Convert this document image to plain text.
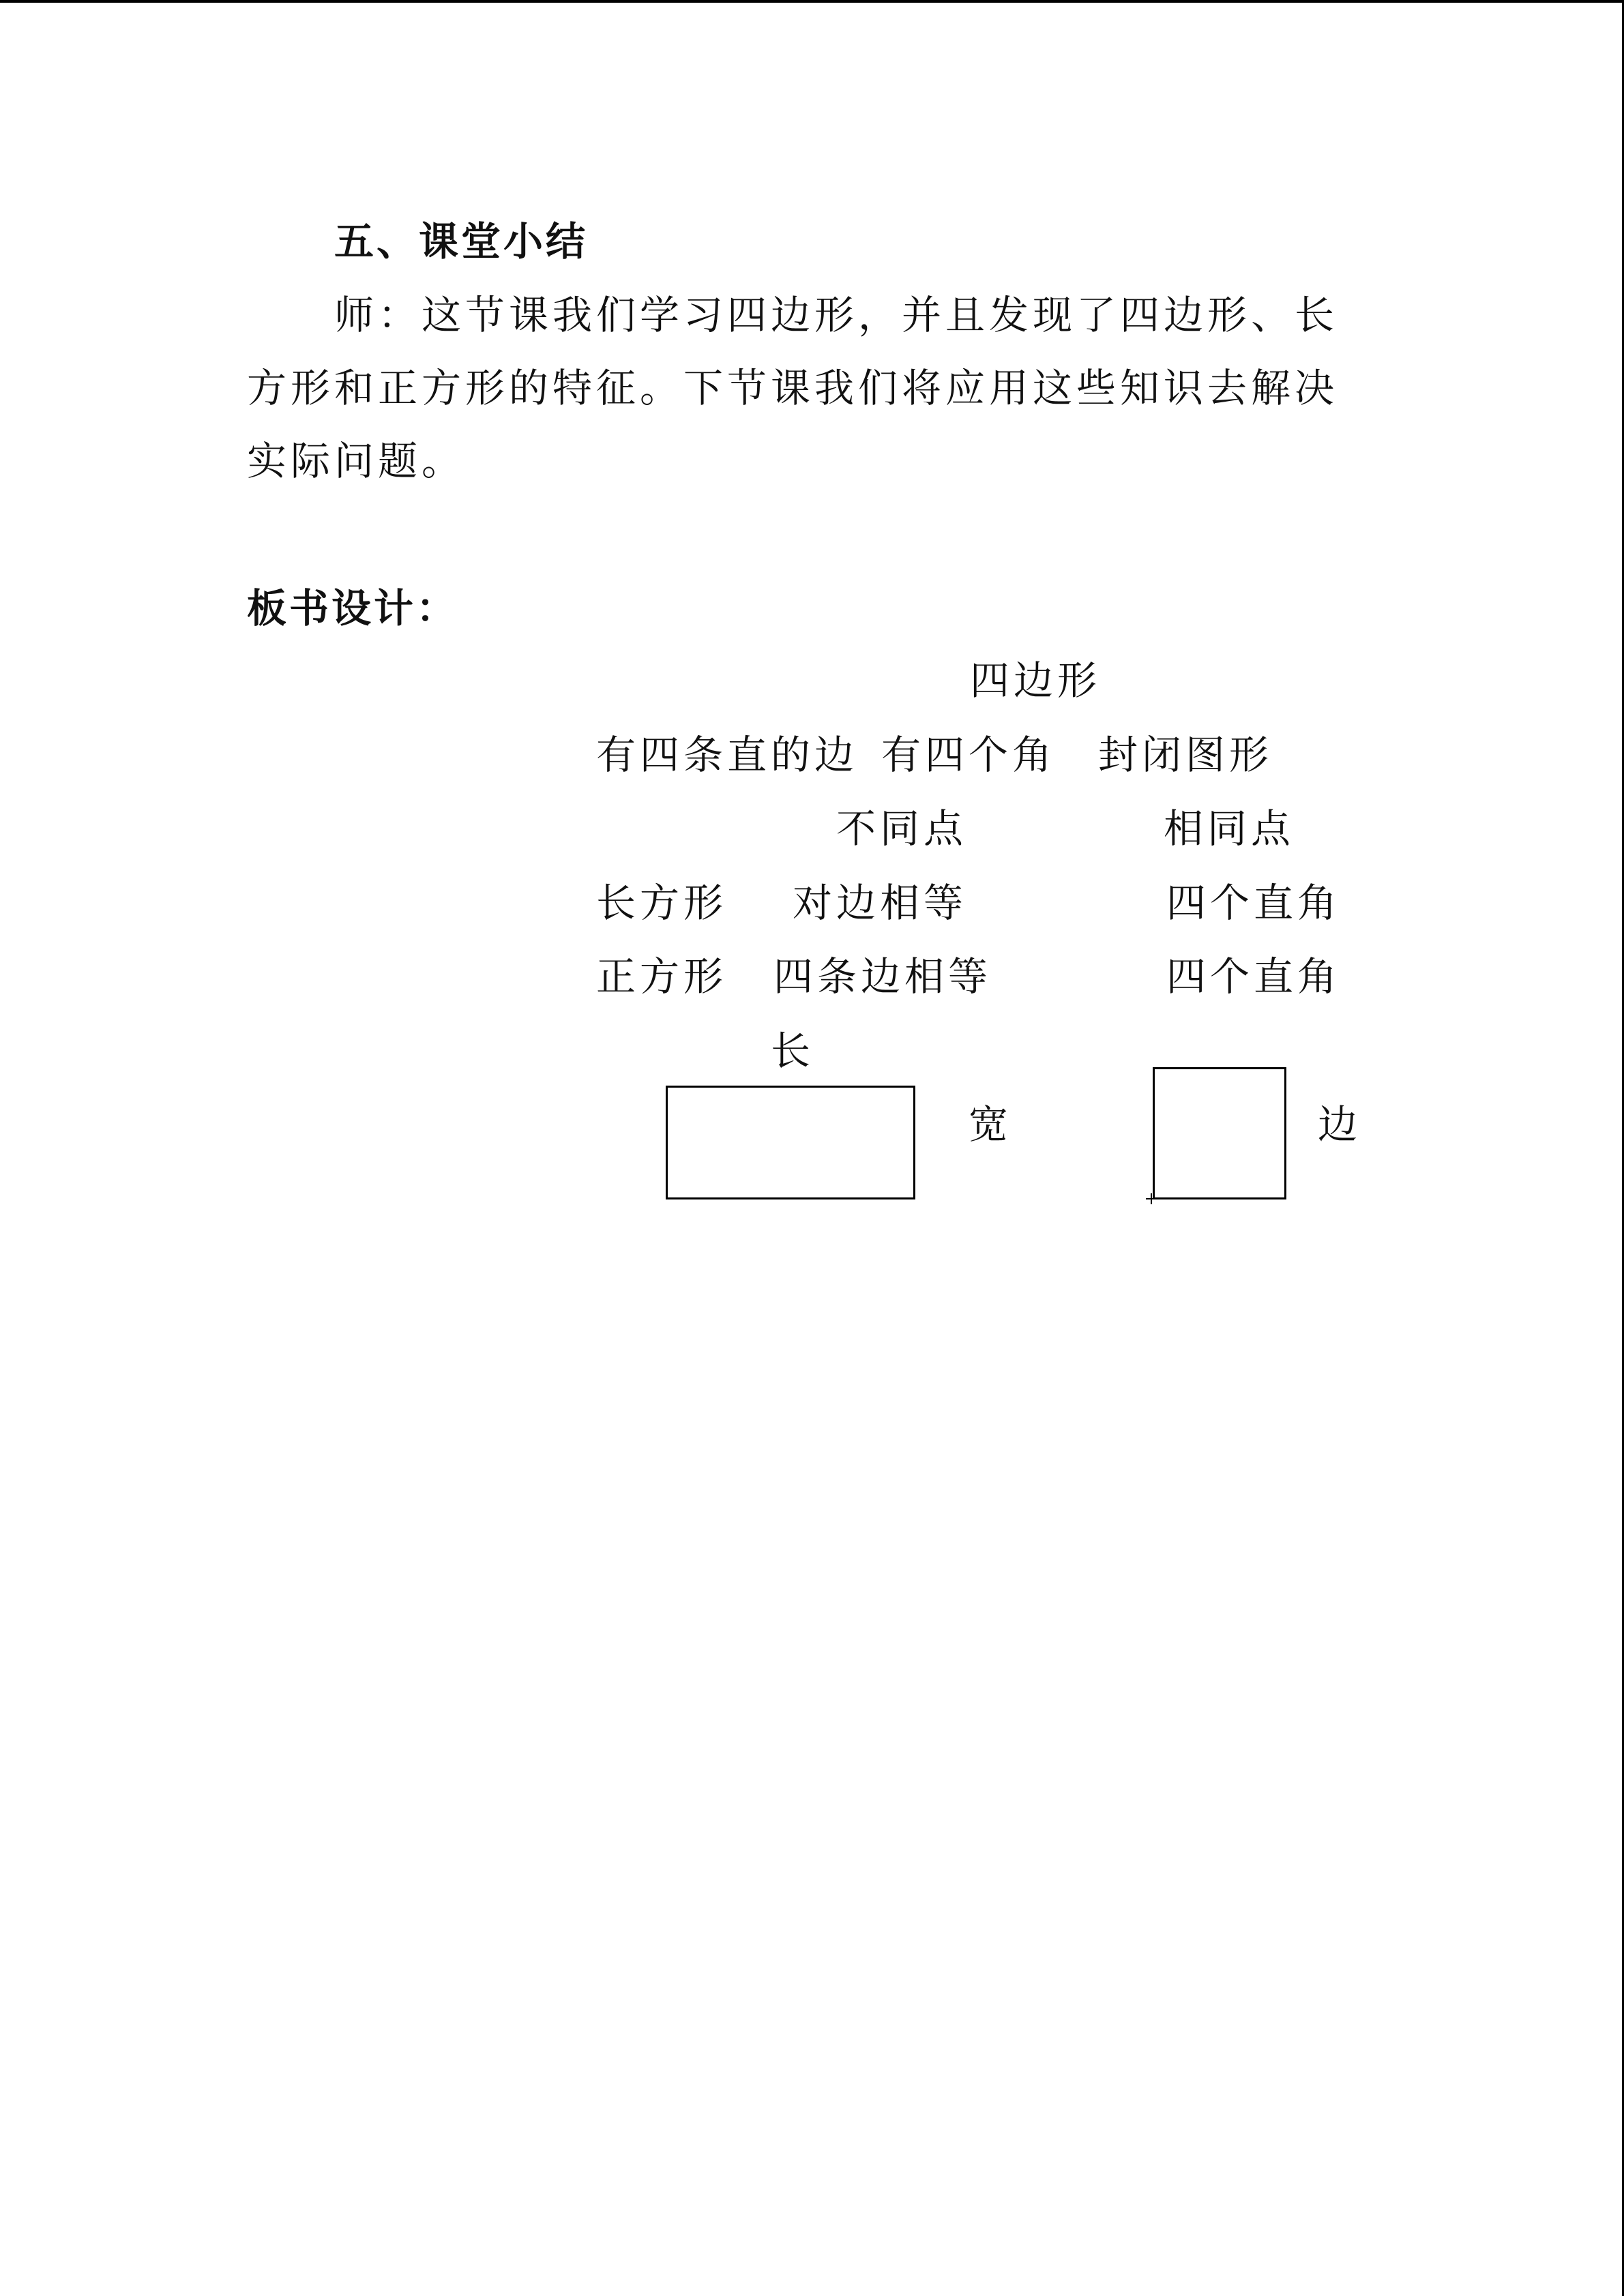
五、课堂小结
师：这节课我们学习四边形，并且发现了四边形、长
方形和正方形的特征。下节课我们将应用这些知识去解决
实际问题。
板书设计：
四边形
有四条直的边 有四个角 封闭图形
不同点	相同点
长方形 对边相等	四个直角
正方形 四条边相等	四个直角
长
宽	边
